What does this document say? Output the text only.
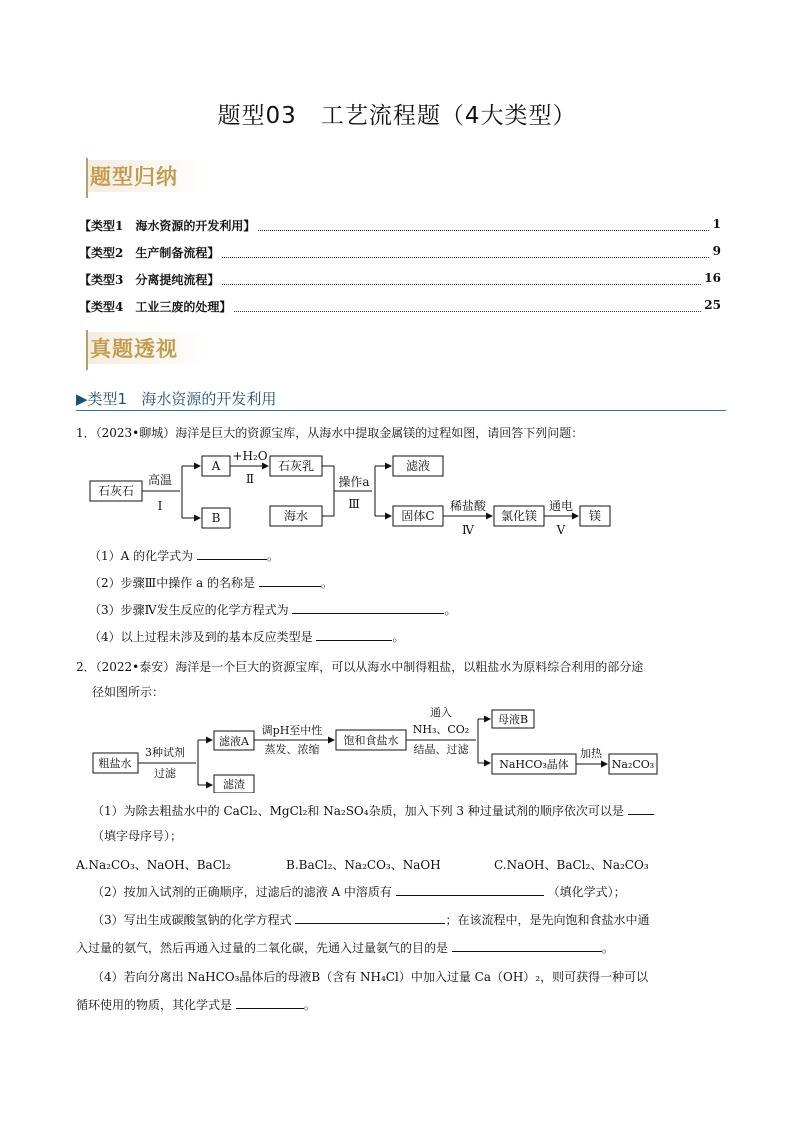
题型03　工艺流程题（4大类型）
题型归纳
【类型1　海水资源的开发利用】	1
【类型2　生产制备流程】	9
【类型3　分离提纯流程】	16
【类型4　工业三废的处理】	25
真题透视
▶类型1 海水资源的开发利用
1．（2023•聊城）海洋是巨大的资源宝库，从海水中提取金属镁的过程如图，请回答下列问题：
石灰石
高温
Ⅰ
A
B
+H₂O
Ⅱ
石灰乳
海水
操作a
Ⅲ
滤液
固体C
稀盐酸
Ⅳ
氯化镁
通电
Ⅴ
镁
（1）A 的化学式为	。
（2）步骤Ⅲ中操作 a 的名称是	。
（3）步骤Ⅳ发生反应的化学方程式为	。
（4）以上过程未涉及到的基本反应类型是	。
2．（2022•泰安）海洋是一个巨大的资源宝库，可以从海水中制得粗盐，以粗盐水为原料综合利用的部分途
径如图所示：
粗盐水
3种试剂
过滤
滤液A
滤渣
调pH至中性
蒸发、浓缩
饱和食盐水
通入
NH₃、CO₂
结晶、过滤
母液B
NaHCO₃晶体
加热
Na₂CO₃
（1）为除去粗盐水中的 CaCl₂、MgCl₂和 Na₂SO₄杂质，加入下列 3 种过量试剂的顺序依次可以是
（填字母序号）；
A.Na₂CO₃、NaOH、BaCl₂	B.BaCl₂、Na₂CO₃、NaOH	C.NaOH、BaCl₂、Na₂CO₃
（2）按加入试剂的正确顺序，过滤后的滤液 A 中溶质有	（填化学式）；
（3）写出生成碳酸氢钠的化学方程式	；在该流程中，是先向饱和食盐水中通
入过量的氨气，然后再通入过量的二氧化碳，先通入过量氨气的目的是	。
（4）若向分离出 NaHCO₃晶体后的母液B（含有 NH₄Cl）中加入过量 Ca（OH）₂，则可获得一种可以
循环使用的物质，其化学式是	。
